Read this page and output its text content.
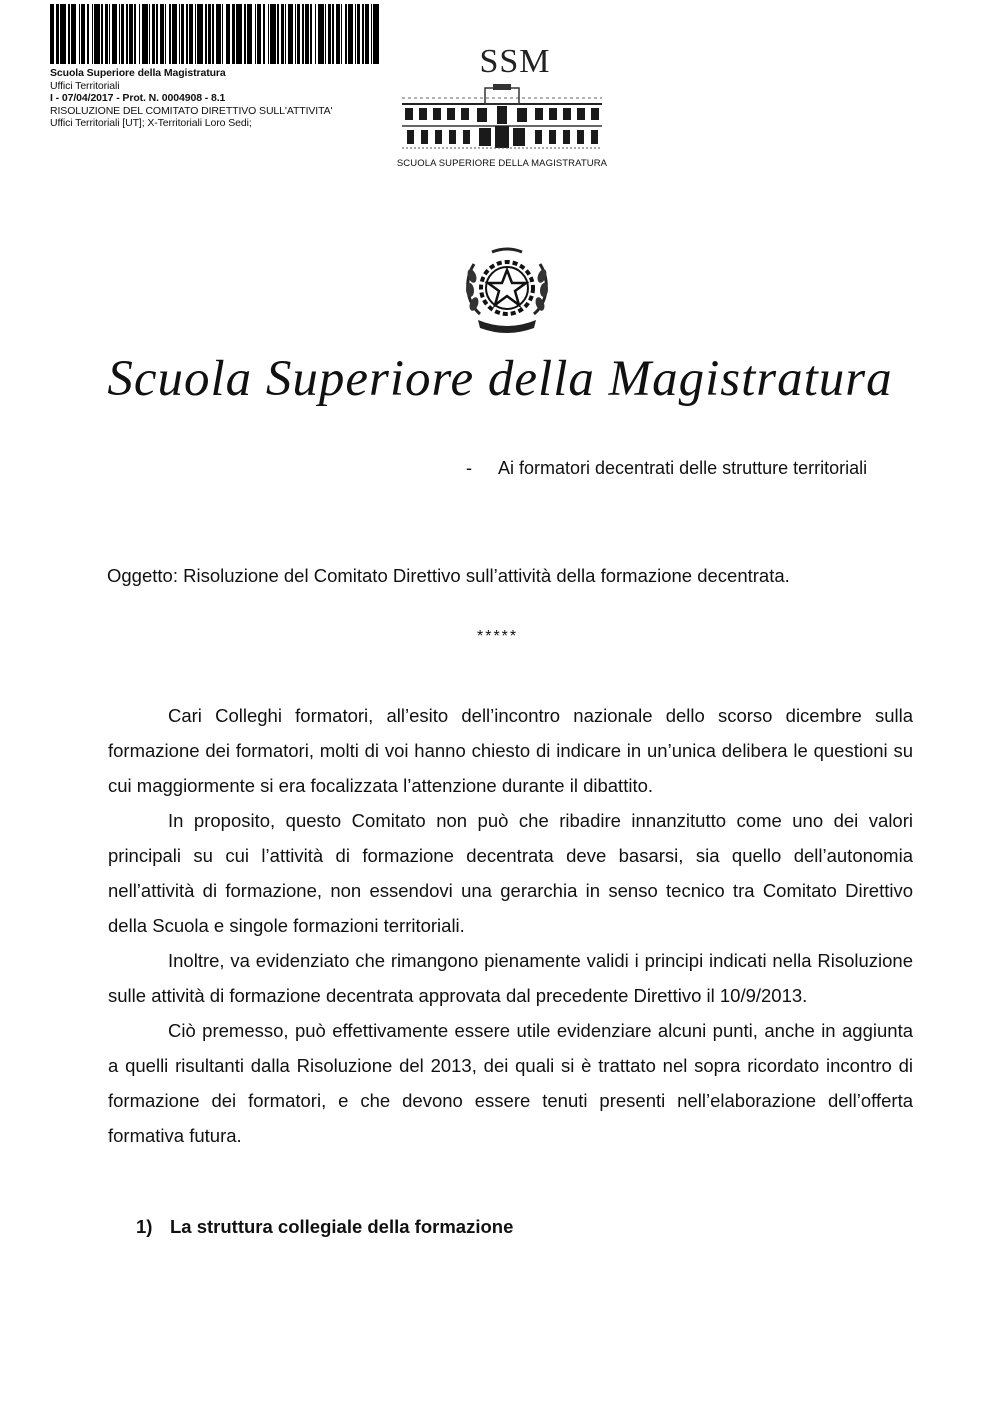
Scuola Superiore della Magistratura
Uffici Territoriali
I - 07/04/2017 - Prot. N. 0004908 - 8.1
RISOLUZIONE DEL COMITATO DIRETTIVO SULL'ATTIVITA'
Uffici Territoriali [UT]; X-Territoriali Loro Sedi;
SSM
SCUOLA SUPERIORE DELLA MAGISTRATURA
Scuola Superiore della Magistratura
- Ai formatori decentrati delle strutture territoriali
Oggetto: Risoluzione del Comitato Direttivo sull’attività della formazione decentrata.
*****

Cari Colleghi formatori, all’esito dell’incontro nazionale dello scorso dicembre sulla formazione dei formatori, molti di voi hanno chiesto di indicare in un’unica delibera le questioni su cui maggiormente si era focalizzata l’attenzione durante il dibattito.

In proposito, questo Comitato non può che ribadire innanzitutto come uno dei valori principali su cui l’attività di formazione decentrata deve basarsi, sia quello dell’autonomia nell’attività di formazione, non essendovi una gerarchia in senso tecnico tra Comitato Direttivo della Scuola e singole formazioni territoriali.

Inoltre, va evidenziato che rimangono pienamente validi i principi indicati nella Risoluzione sulle attività di formazione decentrata approvata dal precedente Direttivo il 10/9/2013.

Ciò premesso, può effettivamente essere utile evidenziare alcuni punti, anche in aggiunta a quelli risultanti dalla Risoluzione del 2013, dei quali si è trattato nel sopra ricordato incontro di formazione dei formatori, e che devono essere tenuti presenti nell’elaborazione dell’offerta formativa futura.

1) La struttura collegiale della formazione
